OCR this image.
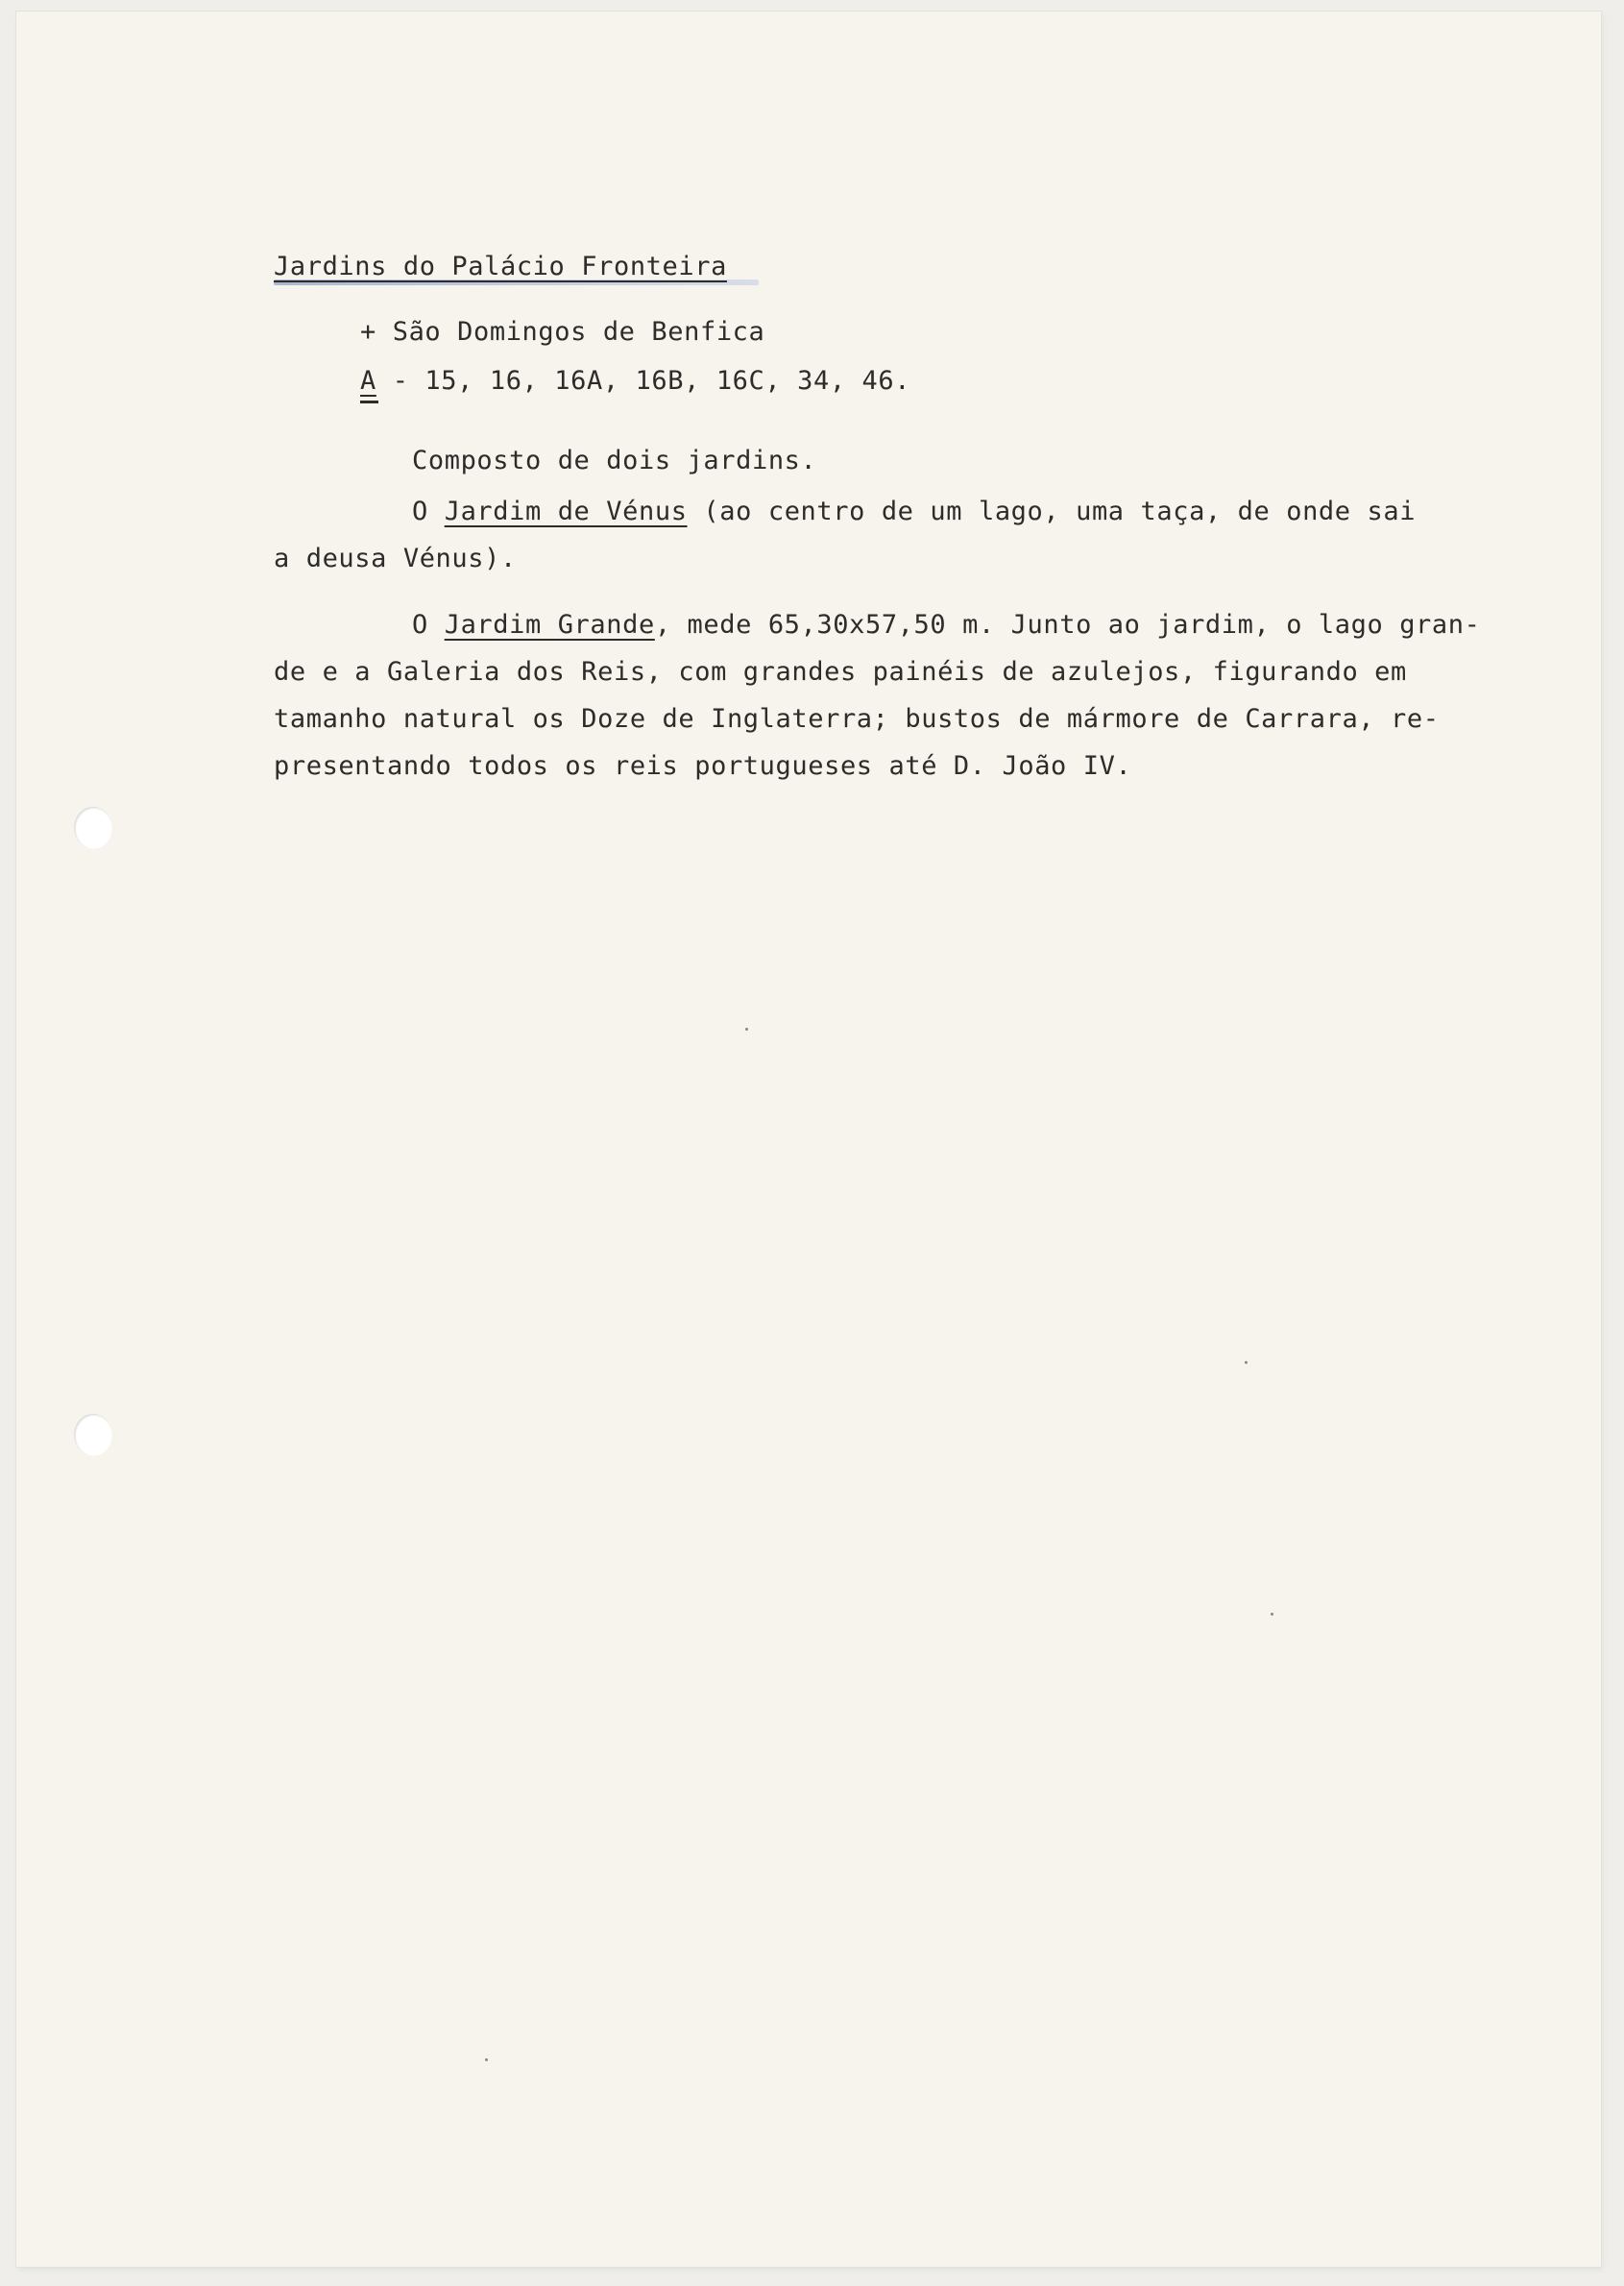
Jardins do Palácio Fronteira

+ São Domingos de Benfica

A - 15, 16, 16A, 16B, 16C, 34, 46.

Composto de dois jardins.

O Jardim de Vénus (ao centro de um lago, uma taça, de onde sai

a deusa Vénus).

O Jardim Grande, mede 65,30x57,50 m. Junto ao jardim, o lago gran-

de e a Galeria dos Reis, com grandes painéis de azulejos, figurando em

tamanho natural os Doze de Inglaterra; bustos de mármore de Carrara, re-

presentando todos os reis portugueses até D. João IV.
